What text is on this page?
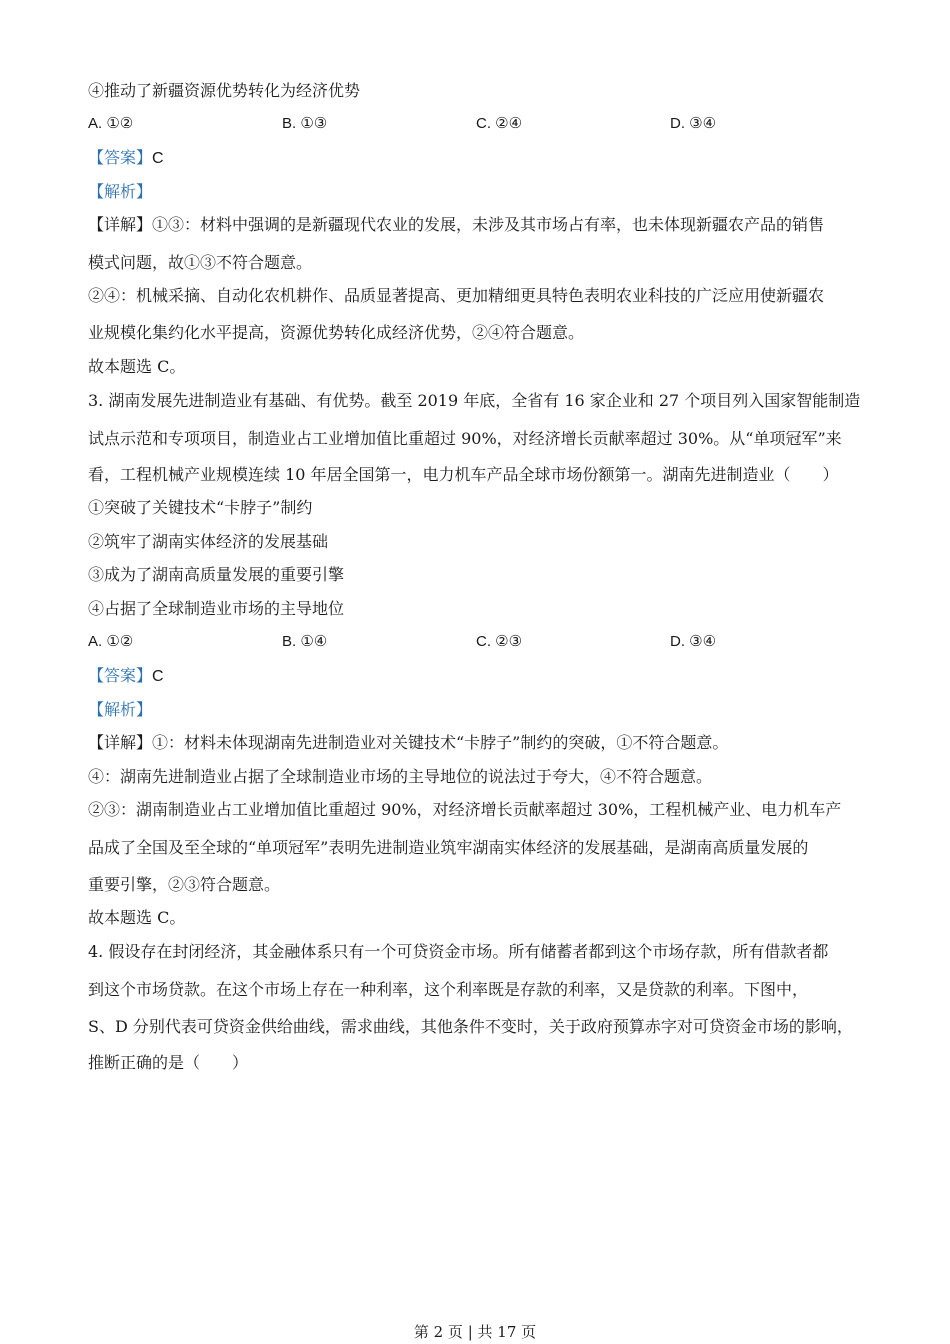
④推动了新疆资源优势转化为经济优势
A. ①②	B. ①③	C. ②④	D. ③④
【答案】C
【解析】
【详解】①③：材料中强调的是新疆现代农业的发展，未涉及其市场占有率，也未体现新疆农产品的销售
模式问题，故①③不符合题意。
②④：机械采摘、自动化农机耕作、品质显著提高、更加精细更具特色表明农业科技的广泛应用使新疆农
业规模化集约化水平提高，资源优势转化成经济优势，②④符合题意。
故本题选 C。
3. 湖南发展先进制造业有基础、有优势。截至 2019 年底，全省有 16 家企业和 27 个项目列入国家智能制造
试点示范和专项项目，制造业占工业增加值比重超过 90%，对经济增长贡献率超过 30%。从“单项冠军”来
看，工程机械产业规模连续 10 年居全国第一，电力机车产品全球市场份额第一。湖南先进制造业（　　）
①突破了关键技术“卡脖子”制约
②筑牢了湖南实体经济的发展基础
③成为了湖南高质量发展的重要引擎
④占据了全球制造业市场的主导地位
A. ①②	B. ①④	C. ②③	D. ③④
【答案】C
【解析】
【详解】①：材料未体现湖南先进制造业对关键技术“卡脖子”制约的突破，①不符合题意。
④：湖南先进制造业占据了全球制造业市场的主导地位的说法过于夸大，④不符合题意。
②③：湖南制造业占工业增加值比重超过 90%，对经济增长贡献率超过 30%，工程机械产业、电力机车产
品成了全国及至全球的“单项冠军”表明先进制造业筑牢湖南实体经济的发展基础，是湖南高质量发展的
重要引擎，②③符合题意。
故本题选 C。
4. 假设存在封闭经济，其金融体系只有一个可贷资金市场。所有储蓄者都到这个市场存款，所有借款者都
到这个市场贷款。在这个市场上存在一种利率，这个利率既是存款的利率，又是贷款的利率。下图中，
S、D 分别代表可贷资金供给曲线，需求曲线，其他条件不变时，关于政府预算赤字对可贷资金市场的影响，
推断正确的是（　　）
第 2 页 | 共 17 页
